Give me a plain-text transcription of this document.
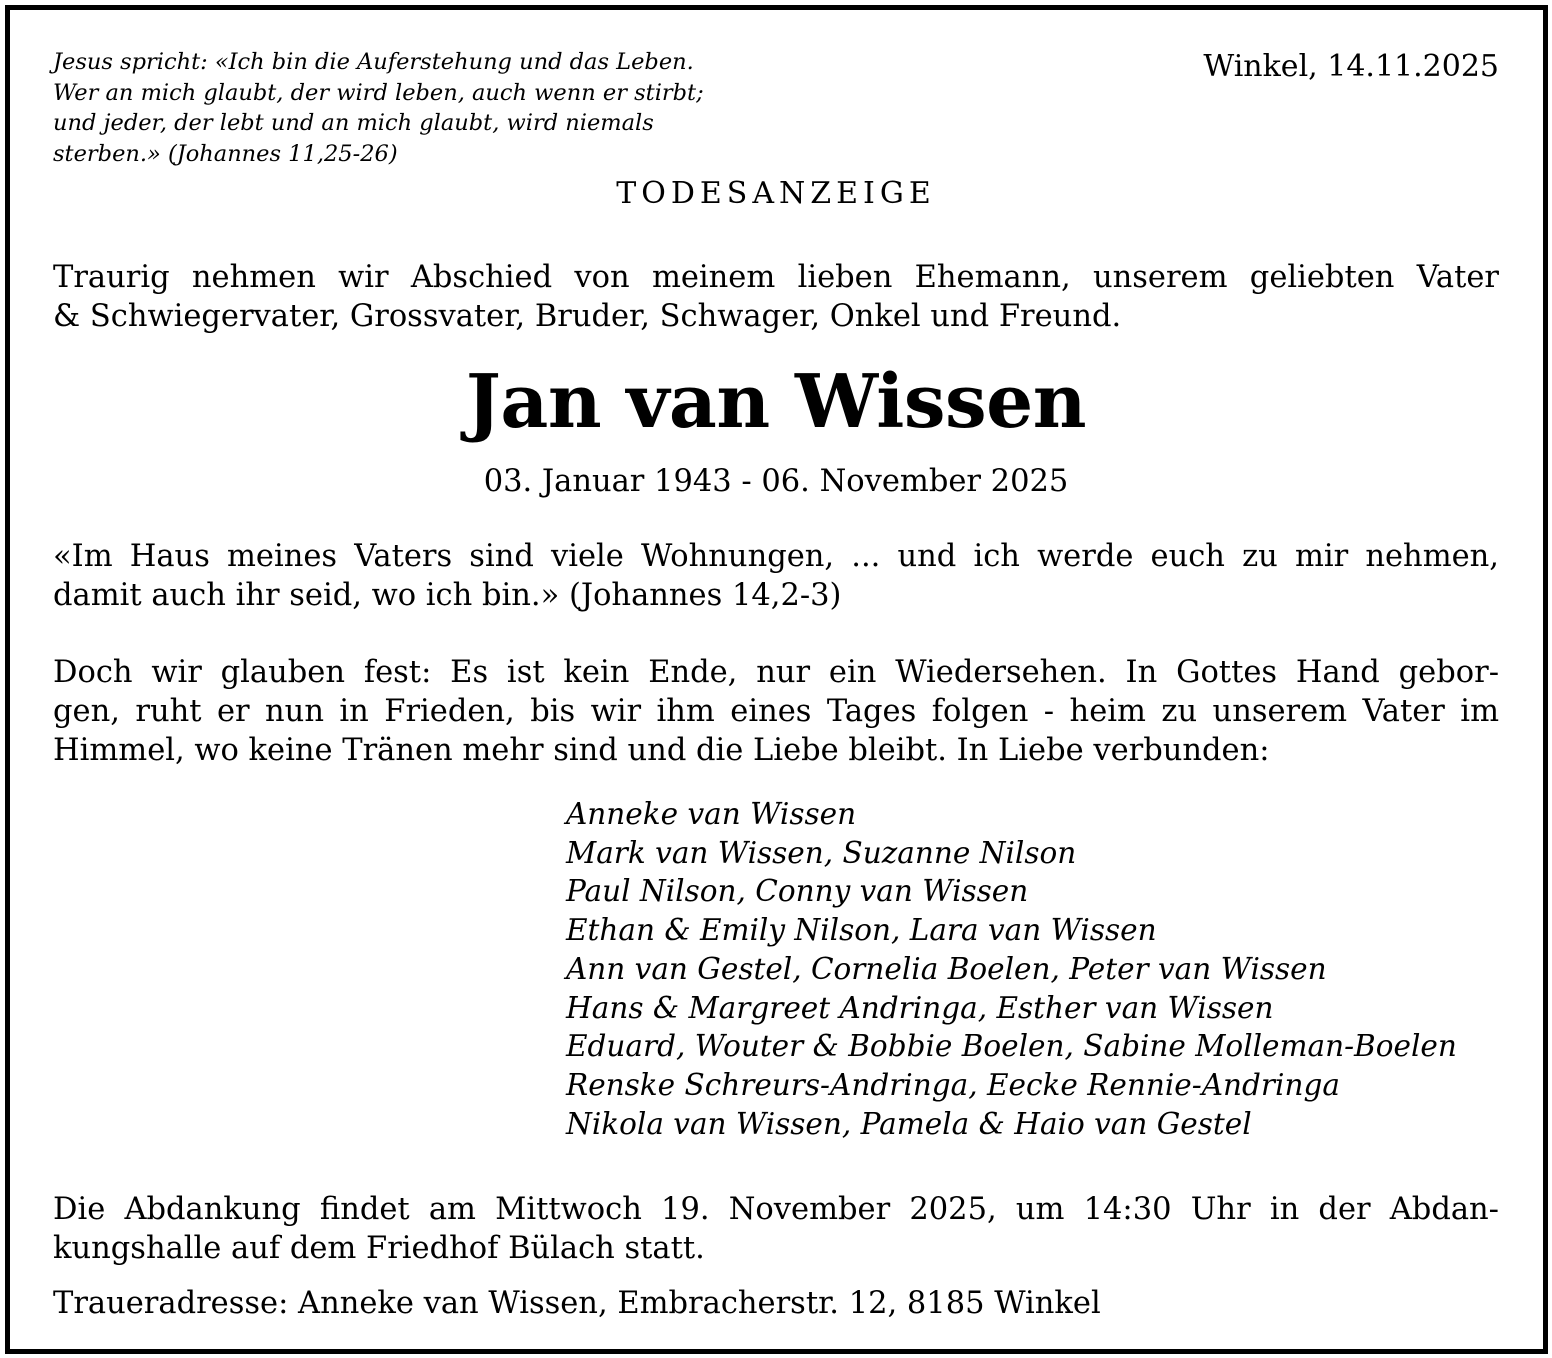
Jesus spricht: «Ich bin die Auferstehung und das Leben.
Wer an mich glaubt, der wird leben, auch wenn er stirbt;
und jeder, der lebt und an mich glaubt, wird niemals
sterben.» (Johannes 11,25-26)
Winkel, 14.11.2025
TODESANZEIGE
Traurig nehmen wir Abschied von meinem lieben Ehemann, unserem geliebten Vater
& Schwiegervater, Grossvater, Bruder, Schwager, Onkel und Freund.
Jan van Wissen
03. Januar 1943 - 06. November 2025
«Im Haus meines Vaters sind viele Wohnungen, ... und ich werde euch zu mir nehmen,
damit auch ihr seid, wo ich bin.» (Johannes 14,2-3)
Doch wir glauben fest: Es ist kein Ende, nur ein Wiedersehen. In Gottes Hand gebor-
gen, ruht er nun in Frieden, bis wir ihm eines Tages folgen - heim zu unserem Vater im
Himmel, wo keine Tränen mehr sind und die Liebe bleibt. In Liebe verbunden:
Anneke van Wissen
Mark van Wissen, Suzanne Nilson
Paul Nilson, Conny van Wissen
Ethan & Emily Nilson, Lara van Wissen
Ann van Gestel, Cornelia Boelen, Peter van Wissen
Hans & Margreet Andringa, Esther van Wissen
Eduard, Wouter & Bobbie Boelen, Sabine Molleman-Boelen
Renske Schreurs-Andringa, Eecke Rennie-Andringa
Nikola van Wissen, Pamela & Haio van Gestel
Die Abdankung findet am Mittwoch 19. November 2025, um 14:30 Uhr in der Abdan-
kungshalle auf dem Friedhof Bülach statt.
Traueradresse: Anneke van Wissen, Embracherstr. 12, 8185 Winkel
